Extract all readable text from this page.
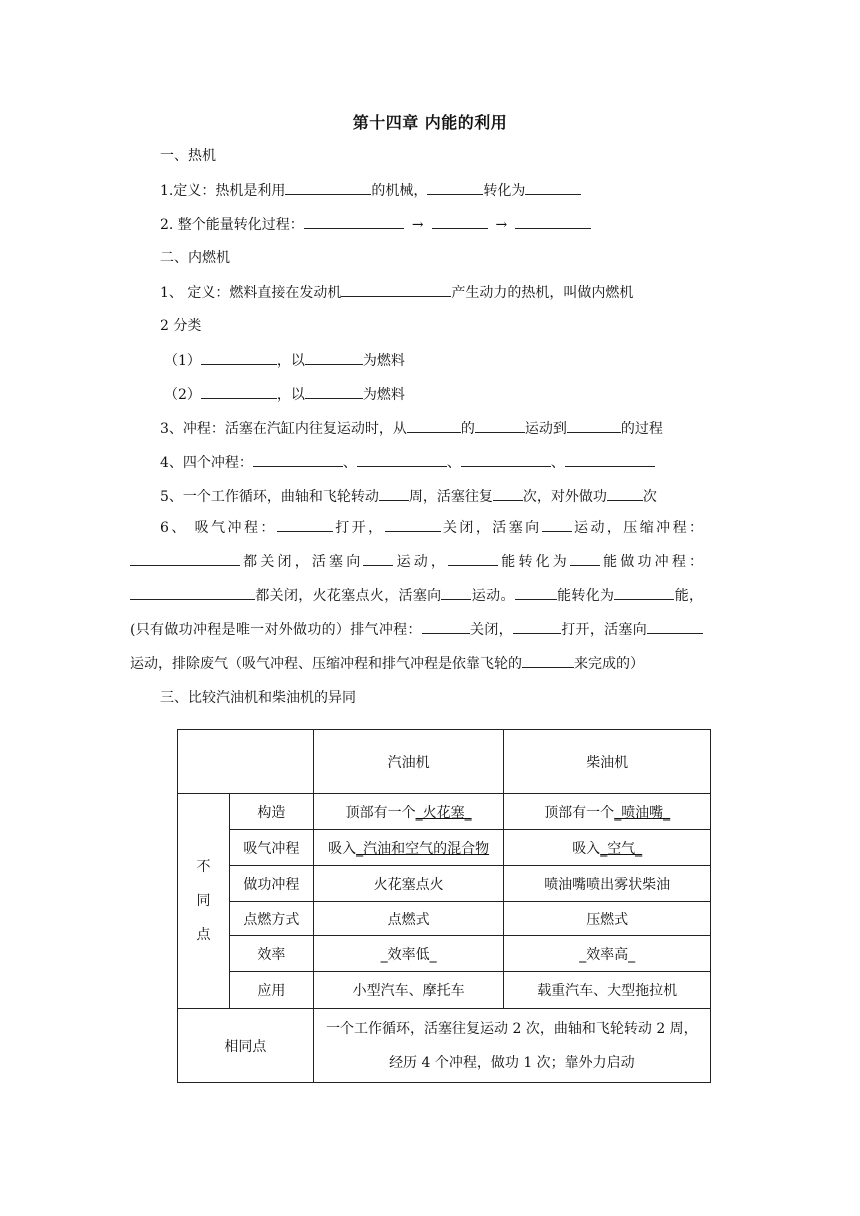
第十四章 内能的利用
一、热机
1.定义：热机是利用	的机械，	转化为
2. 整个能量转化过程：	→	→
二、内燃机
1、 定义：燃料直接在发动机	产生动力的热机，叫做内燃机
2 分类
（1）	，以	为燃料
（2）	，以	为燃料
3、冲程：活塞在汽缸内往复运动时，从	的	运动到	的过程
4、四个冲程：	、	、	、
5、一个工作循环，曲轴和飞轮转动 周，活塞往复 次，对外做功	次
6、 吸气冲程：	打开，	关闭，活塞向 运动，压缩冲程：都关闭，活塞向 运动，	能转化为 能做功冲程：都关闭，火花塞点火，活塞向 运动。	能转化为	能，(只有做功冲程是唯一对外做功的）排气冲程：	关闭，	打开，活塞向运动，排除废气（吸气冲程、压缩冲程和排气冲程是依靠飞轮的	来完成的）
三、比较汽油机和柴油机的异同
		汽油机	柴油机

不
同
点	构造	顶部有一个_火花塞_	顶部有一个_喷油嘴_
	吸气冲程	吸入_汽油和空气的混合物	吸入_空气_
	做功冲程	火花塞点火	喷油嘴喷出雾状柴油
	点燃方式	点燃式	压燃式
	效率	_效率低_	_效率高_
	应用	小型汽车、摩托车	载重汽车、大型拖拉机
相同点		一个工作循环，活塞往复运动 2 次，曲轴和飞轮转动 2 周，
经历 4 个冲程，做功 1 次；靠外力启动	
